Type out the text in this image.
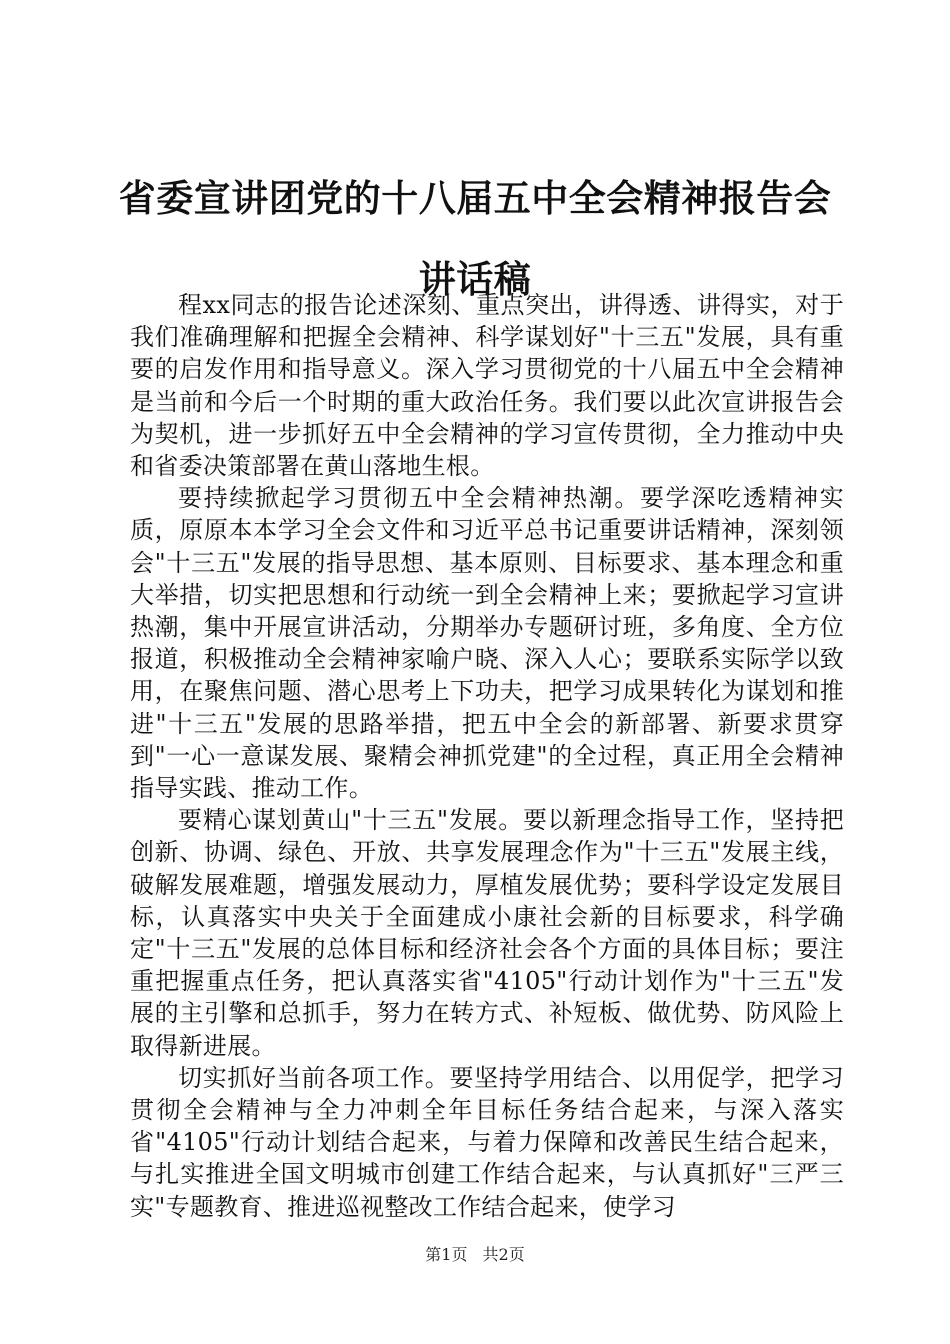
省委宣讲团党的十八届五中全会精神报告会讲话稿

程xx同志的报告论述深刻、重点突出，讲得透、讲得实，对于我们准确理解和把握全会精神、科学谋划好"十三五"发展，具有重要的启发作用和指导意义。深入学习贯彻党的十八届五中全会精神是当前和今后一个时期的重大政治任务。我们要以此次宣讲报告会为契机，进一步抓好五中全会精神的学习宣传贯彻，全力推动中央和省委决策部署在黄山落地生根。

要持续掀起学习贯彻五中全会精神热潮。要学深吃透精神实质，原原本本学习全会文件和习近平总书记重要讲话精神，深刻领会"十三五"发展的指导思想、基本原则、目标要求、基本理念和重大举措，切实把思想和行动统一到全会精神上来；要掀起学习宣讲热潮，集中开展宣讲活动，分期举办专题研讨班，多角度、全方位报道，积极推动全会精神家喻户晓、深入人心；要联系实际学以致用，在聚焦问题、潜心思考上下功夫，把学习成果转化为谋划和推进"十三五"发展的思路举措，把五中全会的新部署、新要求贯穿到"一心一意谋发展、聚精会神抓党建"的全过程，真正用全会精神指导实践、推动工作。

要精心谋划黄山"十三五"发展。要以新理念指导工作，坚持把创新、协调、绿色、开放、共享发展理念作为"十三五"发展主线，破解发展难题，增强发展动力，厚植发展优势；要科学设定发展目标，认真落实中央关于全面建成小康社会新的目标要求，科学确定"十三五"发展的总体目标和经济社会各个方面的具体目标；要注重把握重点任务，把认真落实省"4105"行动计划作为"十三五"发展的主引擎和总抓手，努力在转方式、补短板、做优势、防风险上取得新进展。

切实抓好当前各项工作。要坚持学用结合、以用促学，把学习贯彻全会精神与全力冲刺全年目标任务结合起来，与深入落实省"4105"行动计划结合起来，与着力保障和改善民生结合起来，与扎实推进全国文明城市创建工作结合起来，与认真抓好"三严三实"专题教育、推进巡视整改工作结合起来，使学习

第1页 共2页
